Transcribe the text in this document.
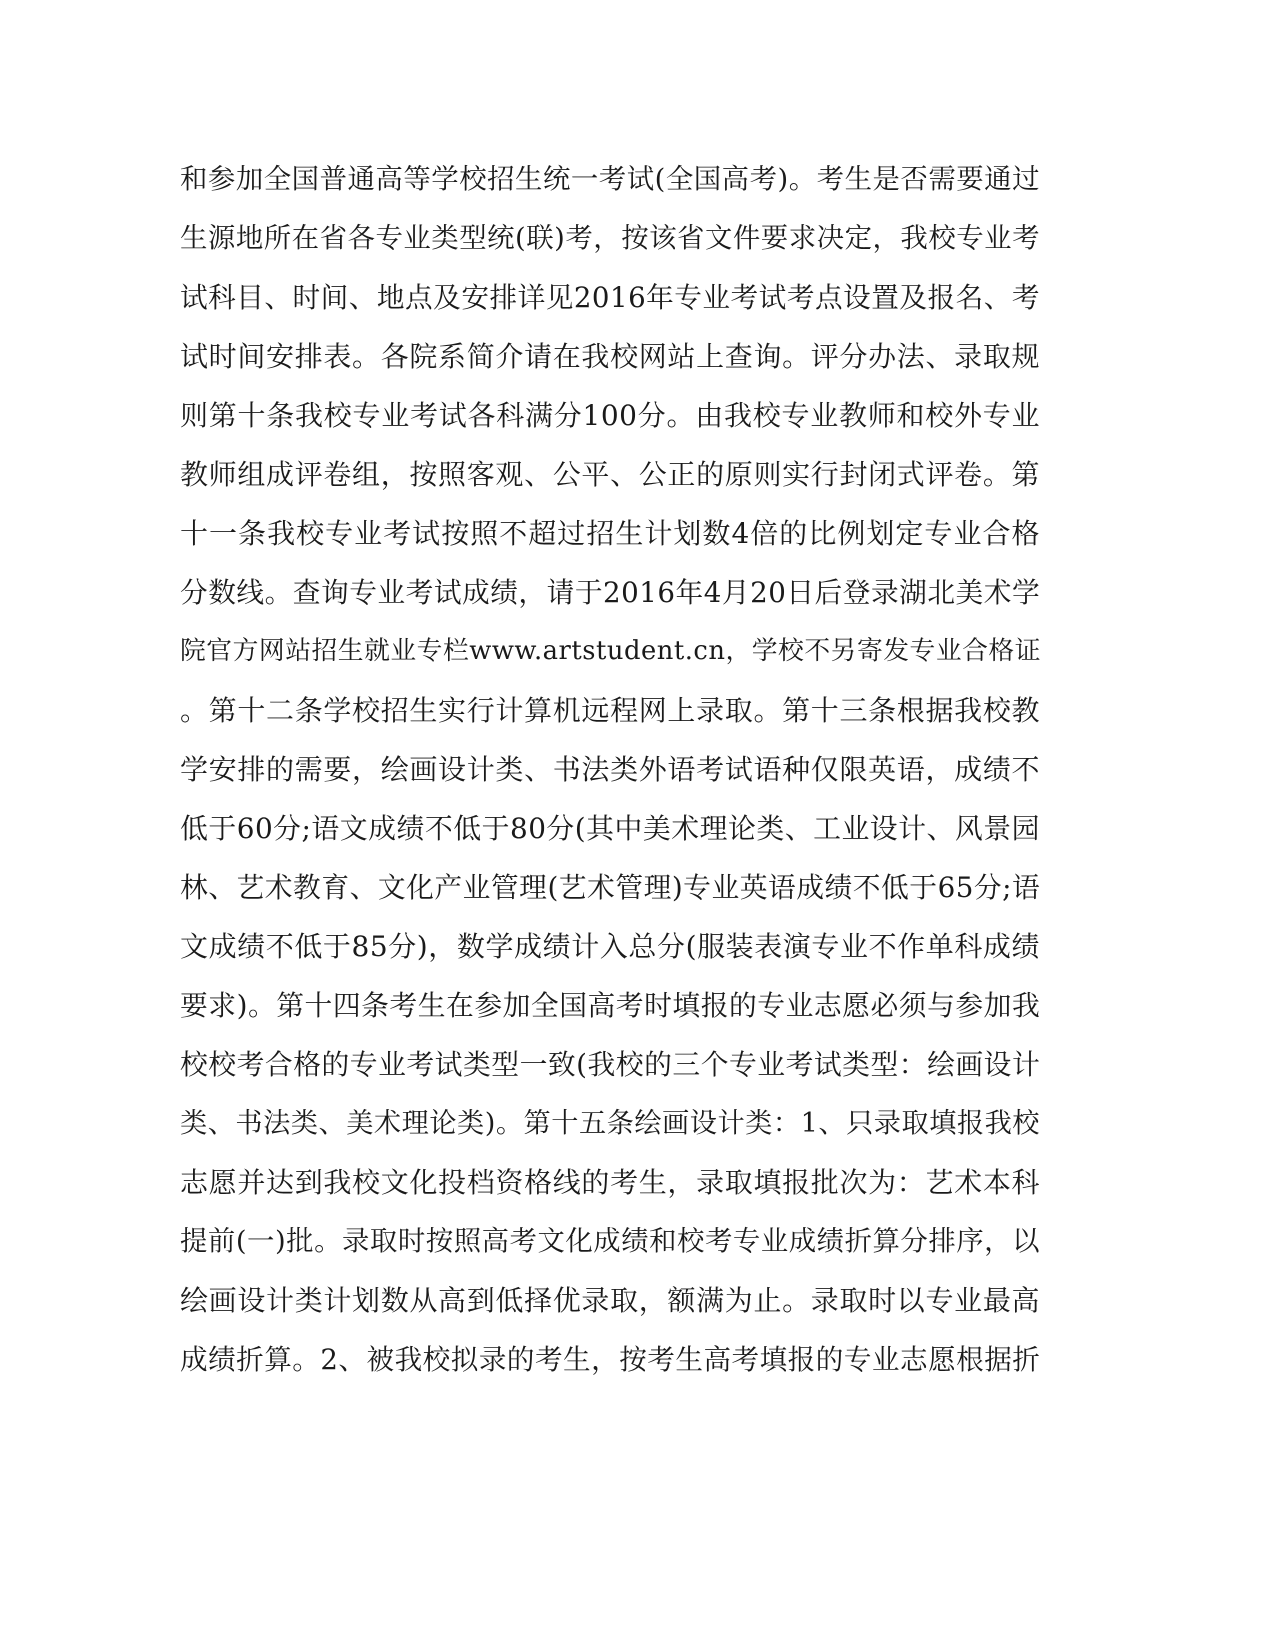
和参加全国普通高等学校招生统一考试(全国高考)。考生是否需要通过
生源地所在省各专业类型统(联)考，按该省文件要求决定，我校专业考
试科目、时间、地点及安排详见2016年专业考试考点设置及报名、考
试时间安排表。各院系简介请在我校网站上查询。评分办法、录取规
则第十条我校专业考试各科满分100分。由我校专业教师和校外专业
教师组成评卷组，按照客观、公平、公正的原则实行封闭式评卷。第
十一条我校专业考试按照不超过招生计划数4倍的比例划定专业合格
分数线。查询专业考试成绩，请于2016年4月20日后登录湖北美术学
院官方网站招生就业专栏www.artstudent.cn，学校不另寄发专业合格证
。第十二条学校招生实行计算机远程网上录取。第十三条根据我校教
学安排的需要，绘画设计类、书法类外语考试语种仅限英语，成绩不
低于60分;语文成绩不低于80分(其中美术理论类、工业设计、风景园
林、艺术教育、文化产业管理(艺术管理)专业英语成绩不低于65分;语
文成绩不低于85分)，数学成绩计入总分(服装表演专业不作单科成绩
要求)。第十四条考生在参加全国高考时填报的专业志愿必须与参加我
校校考合格的专业考试类型一致(我校的三个专业考试类型：绘画设计
类、书法类、美术理论类)。第十五条绘画设计类：1、只录取填报我校
志愿并达到我校文化投档资格线的考生，录取填报批次为：艺术本科
提前(一)批。录取时按照高考文化成绩和校考专业成绩折算分排序，以
绘画设计类计划数从高到低择优录取，额满为止。录取时以专业最高
成绩折算。2、被我校拟录的考生，按考生高考填报的专业志愿根据折
